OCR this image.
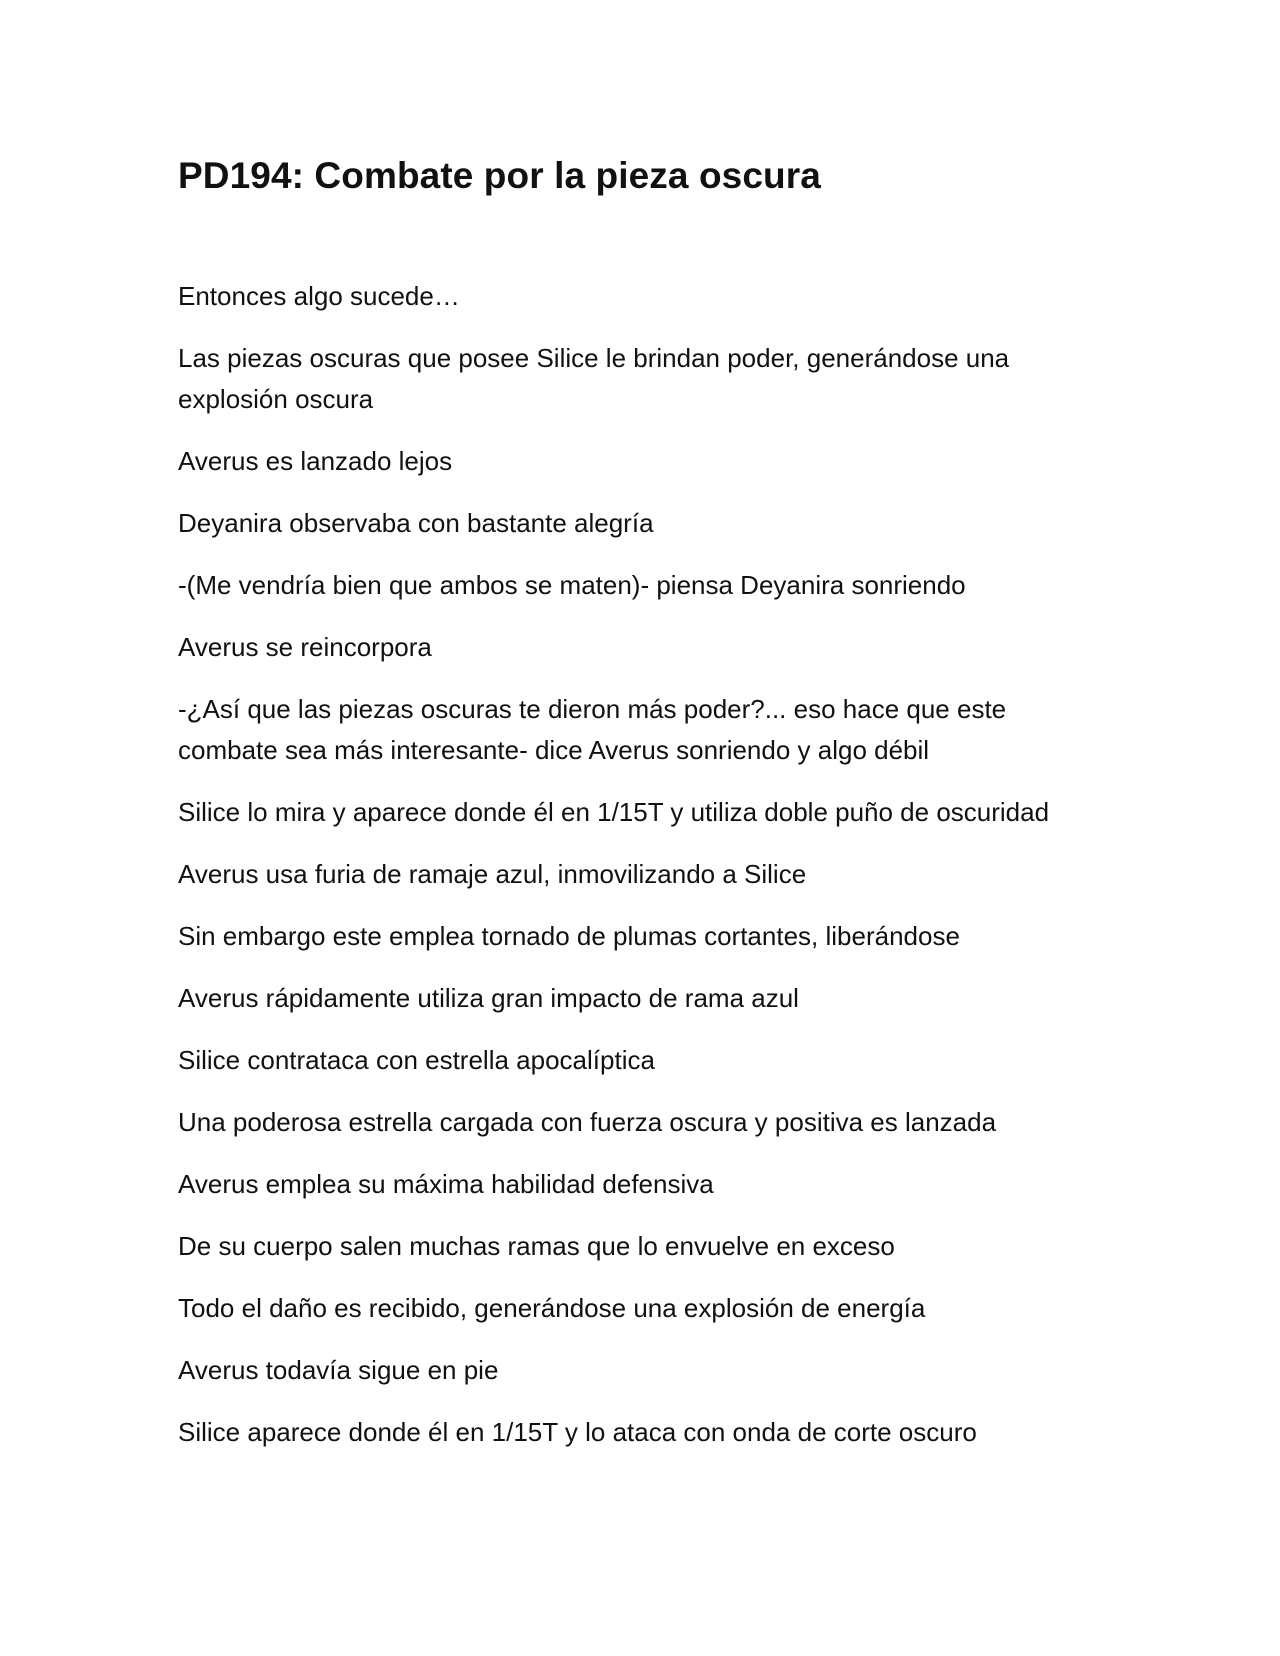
PD194: Combate por la pieza oscura

Entonces algo sucede…

Las piezas oscuras que posee Silice le brindan poder, generándose una explosión oscura

Averus es lanzado lejos

Deyanira observaba con bastante alegría

-(Me vendría bien que ambos se maten)- piensa Deyanira sonriendo

Averus se reincorpora

-¿Así que las piezas oscuras te dieron más poder?... eso hace que este combate sea más interesante- dice Averus sonriendo y algo débil

Silice lo mira y aparece donde él en 1/15T y utiliza doble puño de oscuridad

Averus usa furia de ramaje azul, inmovilizando a Silice

Sin embargo este emplea tornado de plumas cortantes, liberándose

Averus rápidamente utiliza gran impacto de rama azul

Silice contrataca con estrella apocalíptica

Una poderosa estrella cargada con fuerza oscura y positiva es lanzada

Averus emplea su máxima habilidad defensiva

De su cuerpo salen muchas ramas que lo envuelve en exceso

Todo el daño es recibido, generándose una explosión de energía

Averus todavía sigue en pie

Silice aparece donde él en 1/15T y lo ataca con onda de corte oscuro
